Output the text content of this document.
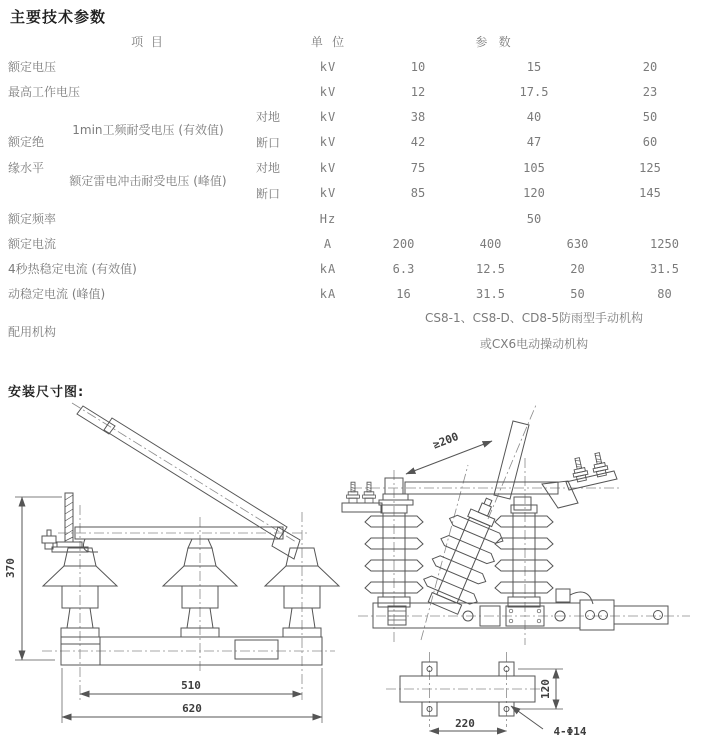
主要技术参数
项 目	单 位	参 数
额定电压	kV	10	15	20
最高工作电压	kV	12	17.5	23
额定绝
缘水平
1min工频耐受电压 (有效值)
对地	kV	38	40	50
断口	kV	42	47	60
额定雷电冲击耐受电压 (峰值)
对地	kV	75	105	125
断口	kV	85	120	145
额定频率	Hz	50
额定电流	A	200	400	630	1250
4秒热稳定电流 (有效值)	kA	6.3	12.5	20	31.5
动稳定电流 (峰值)	kA	16	31.5	50	80
配用机构
CS8-1、CS8-D、CD8-5防雨型手动机构
或CX6电动操动机构
安装尺寸图:
370
510
620
≥200
120
220
4-Φ14
